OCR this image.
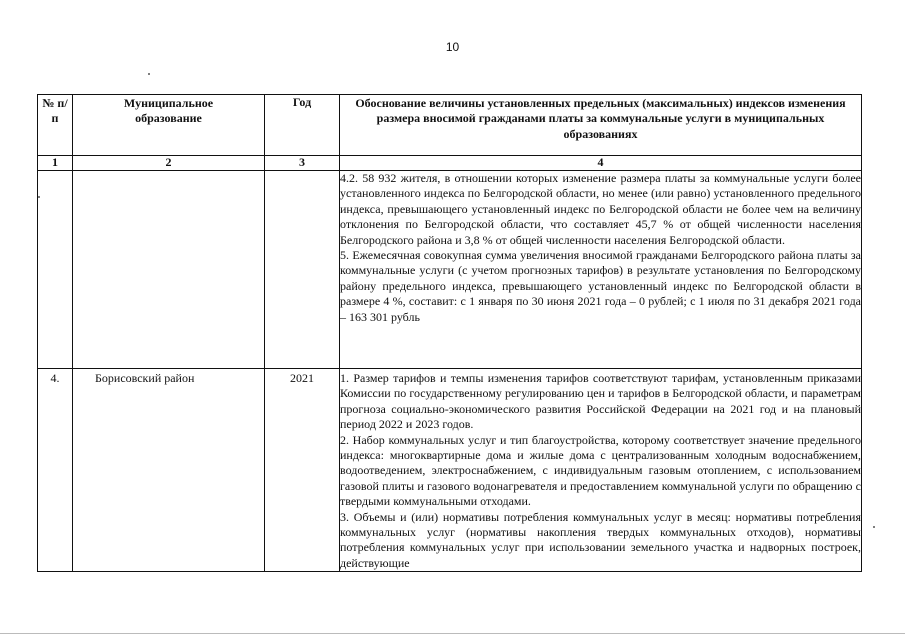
10
№ п/п	Муниципальное образование	Год	Обоснование величины установленных предельных (максимальных) индексов изменения размера вносимой гражданами платы за коммунальные услуги в муниципальных образованиях
1	2	3	4

			4.2. 58 932 жителя, в отношении которых изменение размера платы за коммунальные услуги более установленного индекса по Белгородской области, но менее (или равно) установленного предельного индекса, превышающего установленный индекс по Белгородской области не более чем на величину отклонения по Белгородской области, что составляет 45,7 % от общей численности населения Белгородского района и 3,8 % от общей численности населения Белгородской области.

5. Ежемесячная совокупная сумма увеличения вносимой гражданами Белгородского района платы за коммунальные услуги (с учетом прогнозных тарифов) в результате установления по Белгородскому району предельного индекса, превышающего установленный индекс по Белгородской области в размере 4 %, составит: с 1 января по 30 июня 2021 года – 0 рублей; с 1 июля по 31 декабря 2021 года – 163 301 рубль

4.	Борисовский район	2021	1. Размер тарифов и темпы изменения тарифов соответствуют тарифам, установленным приказами Комиссии по государственному регулированию цен и тарифов в Белгородской области, и параметрам прогноза социально-экономического развития Российской Федерации на 2021 год и на плановый период 2022 и 2023 годов.

2. Набор коммунальных услуг и тип благоустройства, которому соответствует значение предельного индекса: многоквартирные дома и жилые дома с централизованным холодным водоснабжением, водоотведением, электроснабжением, с индивидуальным газовым отоплением, с использованием газовой плиты и газового водонагревателя и предоставлением коммунальной услуги по обращению с твердыми коммунальными отходами.

3. Объемы и (или) нормативы потребления коммунальных услуг в месяц: нормативы потребления коммунальных услуг (нормативы накопления твердых коммунальных отходов), нормативы потребления коммунальных услуг при использовании земельного участка и надворных построек, действующие
